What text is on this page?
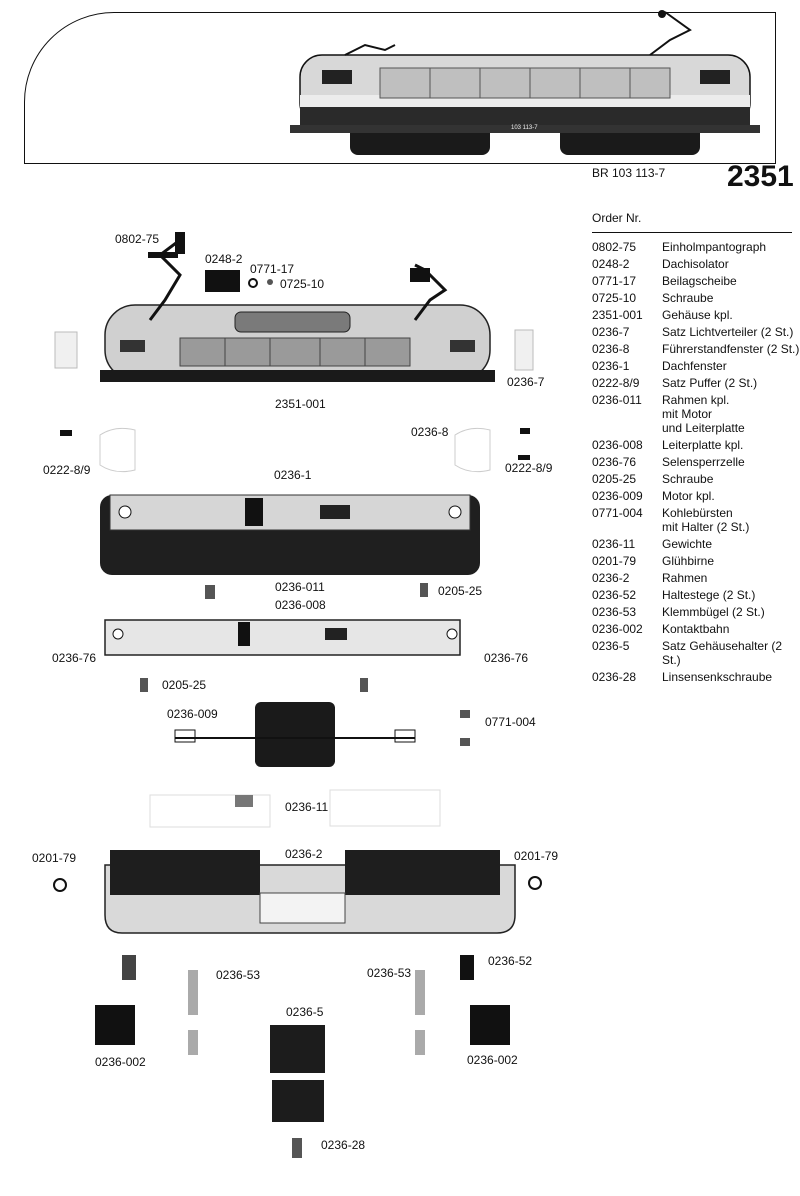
BR 103 113-7 2351
103 113-7
0802-75
0248-2
0771-17
0725-10
2351-001
0236-7
0236-8
0236-1
0222-8/9	0222-8/9
0236-011
0236-008
0205-25
0236-76	0236-76
0205-25
0236-009
0771-004
0236-11
0236-2
0201-79	0201-79
0236-52
0236-53	0236-53
0236-5
0236-002	0236-002
0236-28
Order Nr.
0802-75	Einholmpantograph
0248-2	Dachisolator
0771-17	Beilagscheibe
0725-10	Schraube
2351-001	Gehäuse kpl.
0236-7	Satz Lichtverteiler (2 St.)
0236-8	Führerstandfenster (2 St.)
0236-1	Dachfenster
0222-8/9	Satz Puffer (2 St.)
0236-011	Rahmen kpl.
mit Motor
und Leiterplatte
0236-008	Leiterplatte kpl.
0236-76	Selensperrzelle
0205-25	Schraube
0236-009	Motor kpl.
0771-004	Kohlebürsten
mit Halter (2 St.)
0236-11	Gewichte
0201-79	Glühbirne
0236-2	Rahmen
0236-52	Haltestege (2 St.)
0236-53	Klemmbügel (2 St.)
0236-002	Kontaktbahn
0236-5	Satz Gehäusehalter (2 St.)
0236-28	Linsensenkschraube
